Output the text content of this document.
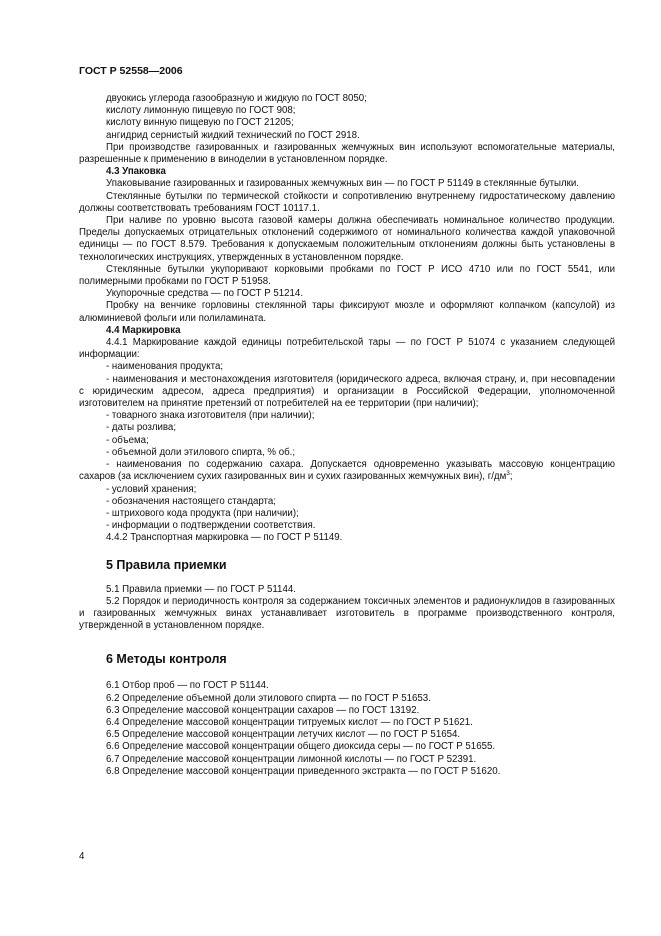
ГОСТ Р 52558—2006

двуокись углерода газообразную и жидкую по ГОСТ 8050;

кислоту лимонную пищевую по ГОСТ 908;

кислоту винную пищевую по ГОСТ 21205;

ангидрид сернистый жидкий технический по ГОСТ 2918.

При производстве газированных и газированных жемчужных вин используют вспомогательные материалы, разрешенные к применению в виноделии в установленном порядке.

4.3 Упаковка

Упаковывание газированных и газированных жемчужных вин — по ГОСТ Р 51149 в стеклянные бутылки.

Стеклянные бутылки по термической стойкости и сопротивлению внутреннему гидростатическому давлению должны соответствовать требованиям ГОСТ 10117.1.

При наливе по уровню высота газовой камеры должна обеспечивать номинальное количество продукции. Пределы допускаемых отрицательных отклонений содержимого от номинального количества каждой упаковочной единицы — по ГОСТ 8.579. Требования к допускаемым положительным отклонениям должны быть установлены в технологических инструкциях, утвержденных в установленном порядке.

Стеклянные бутылки укупоривают корковыми пробками по ГОСТ Р ИСО 4710 или по ГОСТ 5541, или полимерными пробками по ГОСТ Р 51958.

Укупорочные средства — по ГОСТ Р 51214.

Пробку на венчике горловины стеклянной тары фиксируют мюзле и оформляют колпачком (капсулой) из алюминиевой фольги или полиламината.

4.4 Маркировка

4.4.1 Маркирование каждой единицы потребительской тары — по ГОСТ Р 51074 с указанием следующей информации:

- наименования продукта;

- наименования и местонахождения изготовителя (юридического адреса, включая страну, и, при несовпадении с юридическим адресом, адреса предприятия) и организации в Российской Федерации, уполномоченной изготовителем на принятие претензий от потребителей на ее территории (при наличии);

- товарного знака изготовителя (при наличии);

- даты розлива;

- объема;

- объемной доли этилового спирта, % об.;

- наименования по содержанию сахара. Допускается одновременно указывать массовую концентрацию сахаров (за исключением сухих газированных вин и сухих газированных жемчужных вин), $г/дм^3$;

- условий хранения;

- обозначения настоящего стандарта;

- штрихового кода продукта (при наличии);

- информации о подтверждении соответствия.

4.4.2 Транспортная маркировка — по ГОСТ Р 51149.

5 Правила приемки

5.1 Правила приемки — по ГОСТ Р 51144.

5.2 Порядок и периодичность контроля за содержанием токсичных элементов и радионуклидов в газированных и газированных жемчужных винах устанавливает изготовитель в программе производственного контроля, утвержденной в установленном порядке.

6 Методы контроля

6.1 Отбор проб — по ГОСТ Р 51144.

6.2 Определение объемной доли этилового спирта — по ГОСТ Р 51653.

6.3 Определение массовой концентрации сахаров — по ГОСТ 13192.

6.4 Определение массовой концентрации титруемых кислот — по ГОСТ Р 51621.

6.5 Определение массовой концентрации летучих кислот — по ГОСТ Р 51654.

6.6 Определение массовой концентрации общего диоксида серы — по ГОСТ Р 51655.

6.7 Определение массовой концентрации лимонной кислоты — по ГОСТ Р 52391.

6.8 Определение массовой концентрации приведенного экстракта — по ГОСТ Р 51620.

4
